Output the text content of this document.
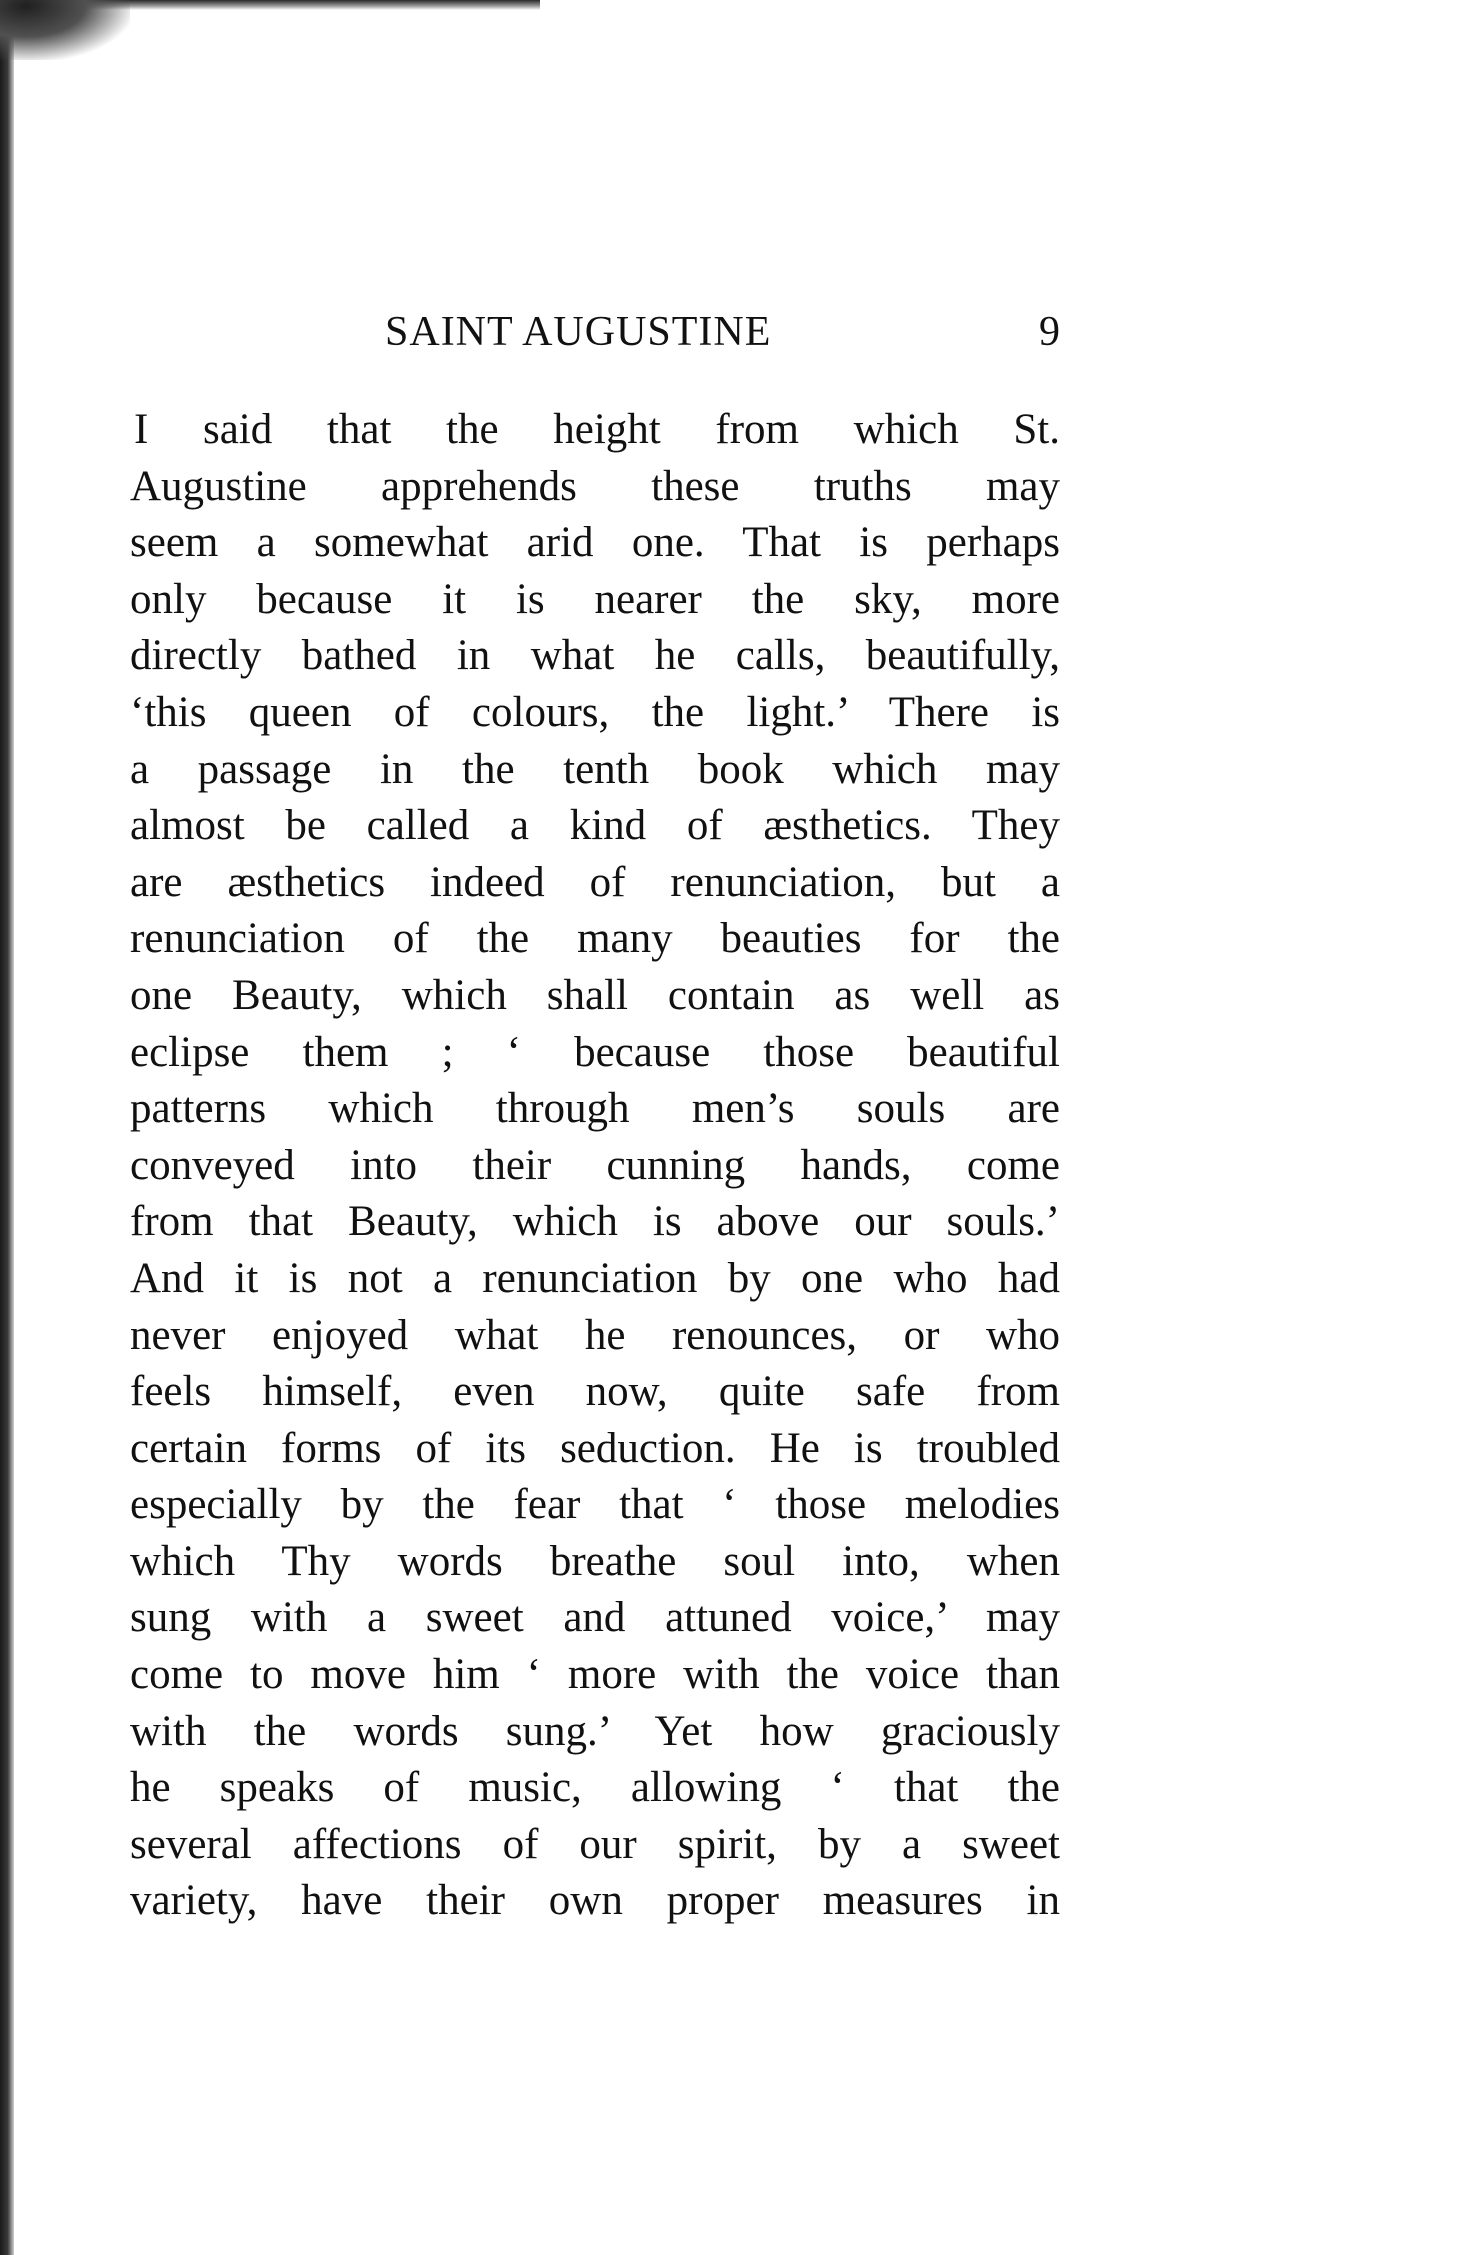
SAINT AUGUSTINE	9
I said that the height from which St.
Augustine apprehends these truths may
seem a somewhat arid one. That is perhaps
only because it is nearer the sky, more
directly bathed in what he calls, beautifully,
‘this queen of colours, the light.’ There is
a passage in the tenth book which may
almost be called a kind of æsthetics. They
are æsthetics indeed of renunciation, but a
renunciation of the many beauties for the
one Beauty, which shall contain as well as
eclipse them ; ‘ because those beautiful
patterns which through men’s souls are
conveyed into their cunning hands, come
from that Beauty, which is above our souls.’
And it is not a renunciation by one who had
never enjoyed what he renounces, or who
feels himself, even now, quite safe from
certain forms of its seduction. He is troubled
especially by the fear that ‘ those melodies
which Thy words breathe soul into, when
sung with a sweet and attuned voice,’ may
come to move him ‘ more with the voice than
with the words sung.’ Yet how graciously
he speaks of music, allowing ‘ that the
several affections of our spirit, by a sweet
variety, have their own proper measures in
